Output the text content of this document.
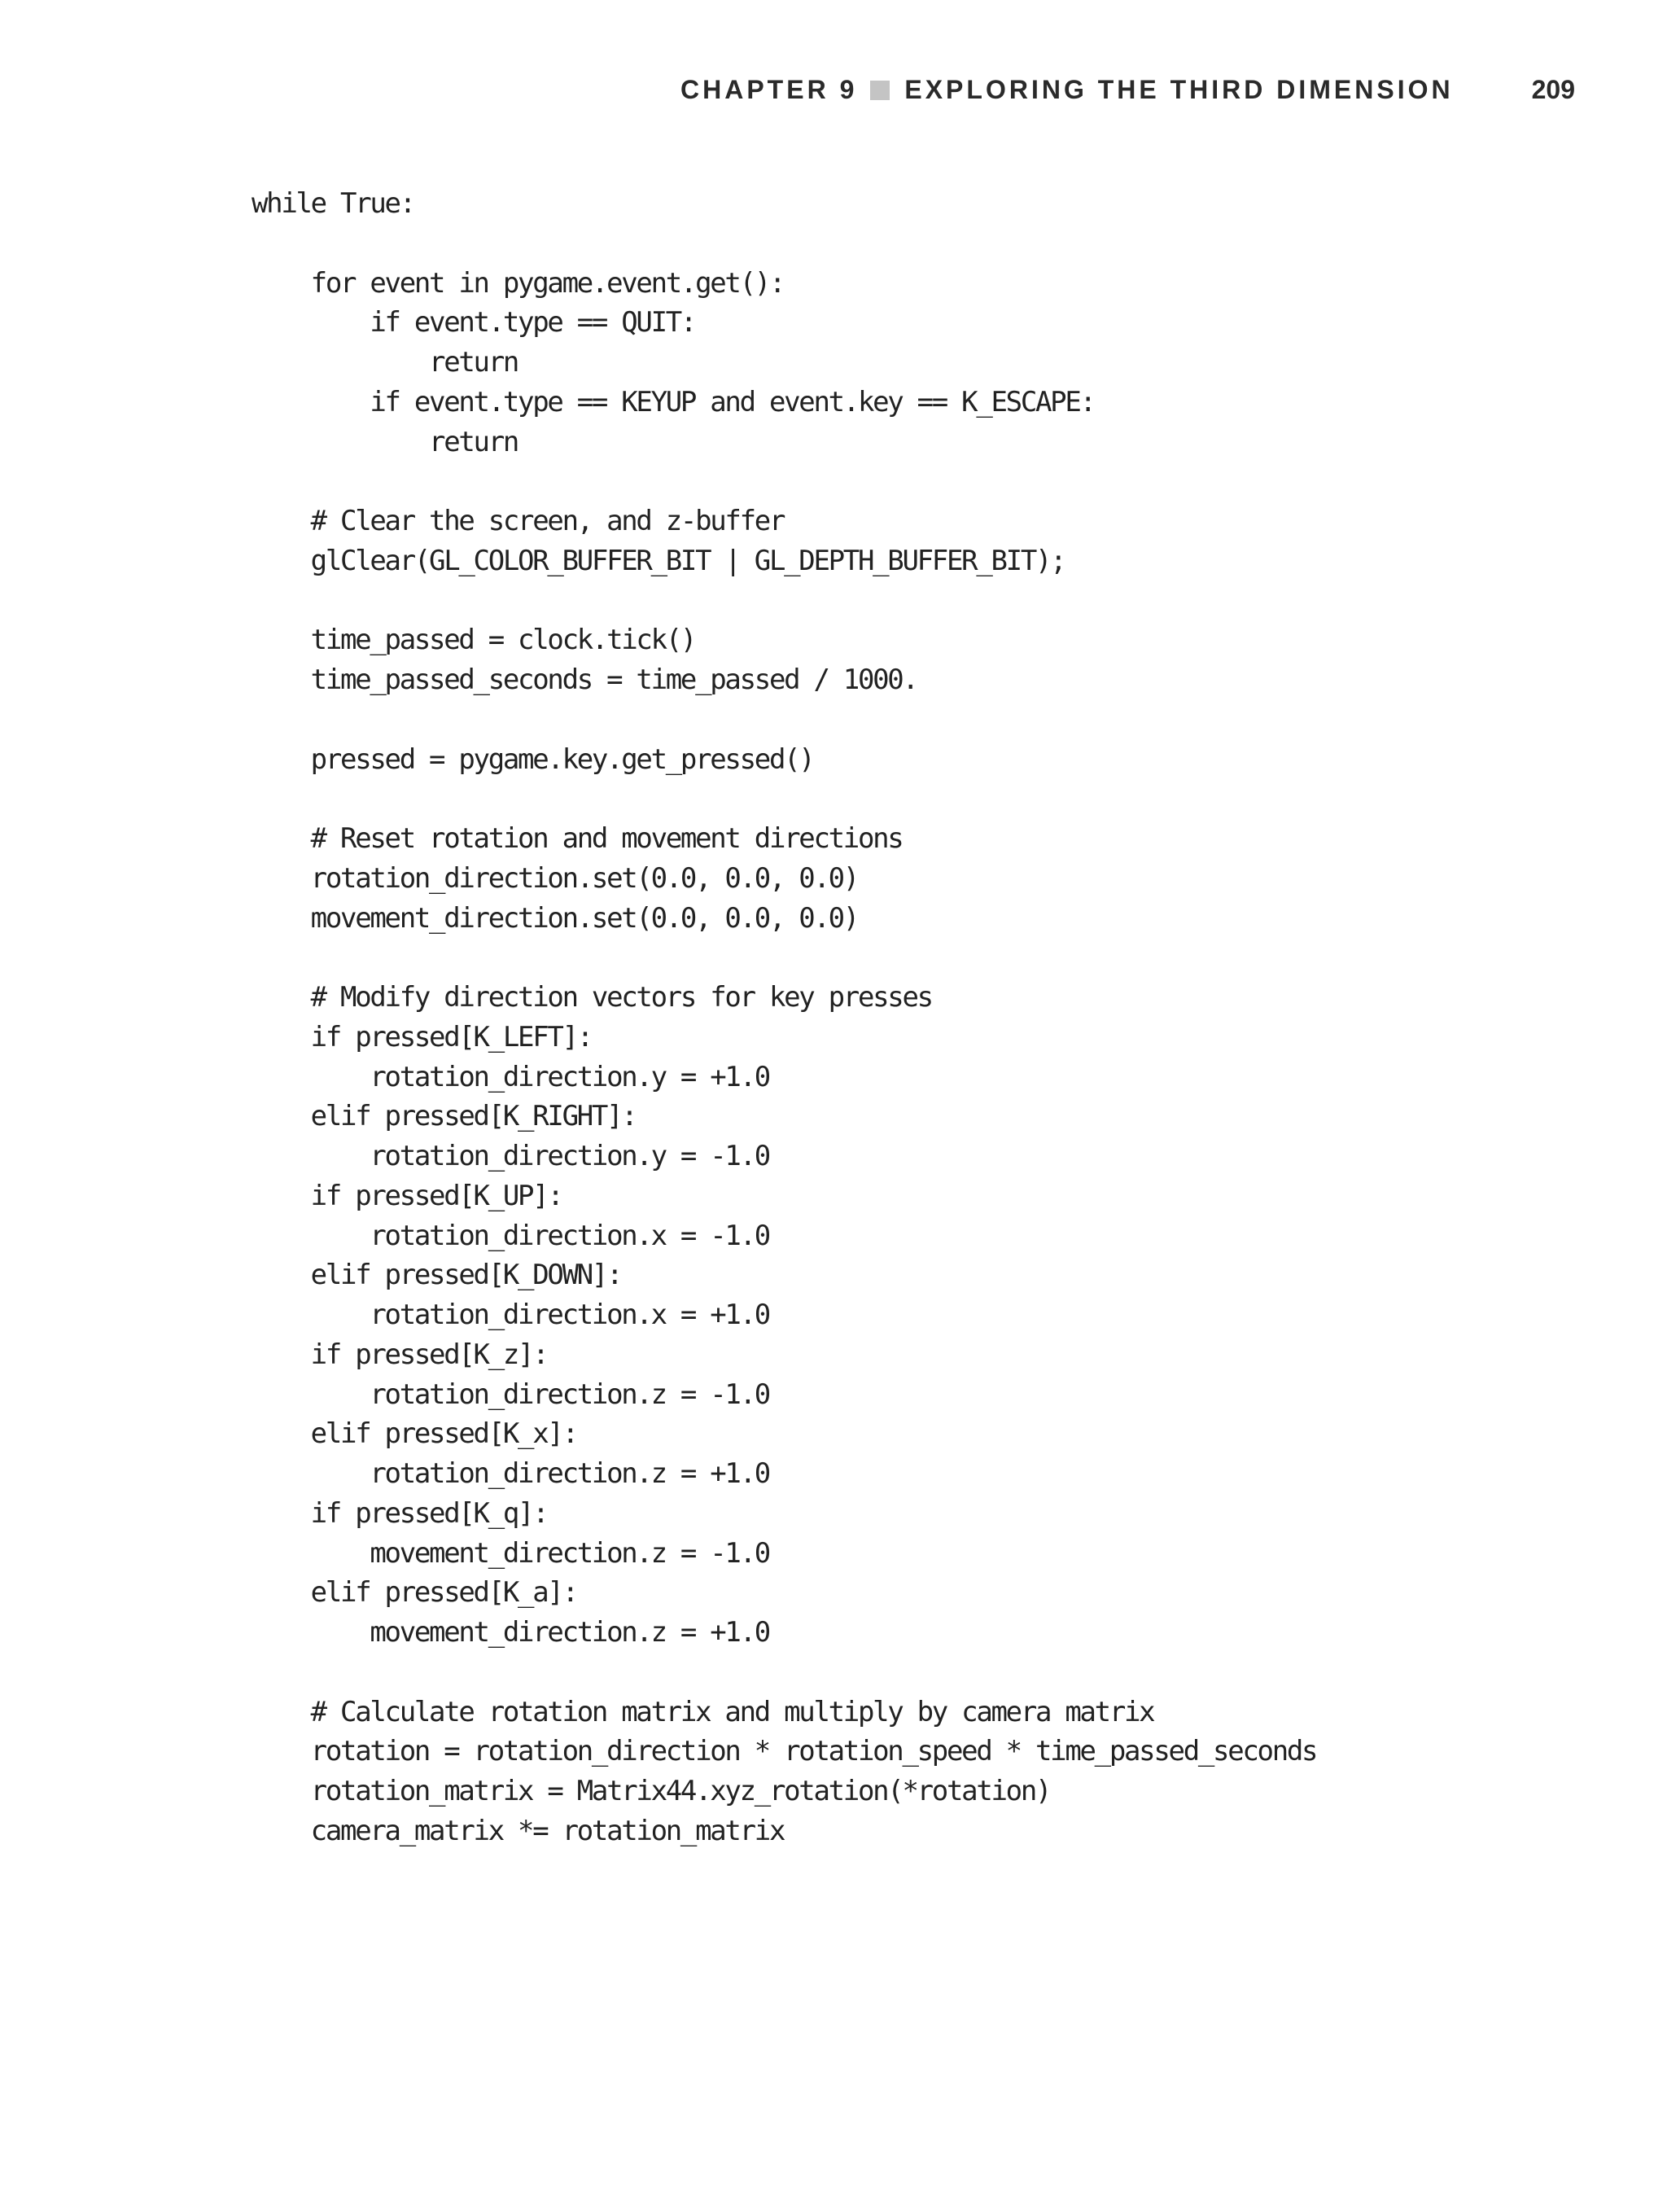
CHAPTER 9 EXPLORING THE THIRD DIMENSION	209
while True:
for event in pygame.event.get():
if event.type == QUIT:
return
if event.type == KEYUP and event.key == K_ESCAPE:
return
# Clear the screen, and z-buffer
glClear(GL_COLOR_BUFFER_BIT | GL_DEPTH_BUFFER_BIT);
time_passed = clock.tick()
time_passed_seconds = time_passed / 1000.
pressed = pygame.key.get_pressed()
# Reset rotation and movement directions
rotation_direction.set(0.0, 0.0, 0.0)
movement_direction.set(0.0, 0.0, 0.0)
# Modify direction vectors for key presses
if pressed[K_LEFT]:
rotation_direction.y = +1.0
elif pressed[K_RIGHT]:
rotation_direction.y = -1.0
if pressed[K_UP]:
rotation_direction.x = -1.0
elif pressed[K_DOWN]:
rotation_direction.x = +1.0
if pressed[K_z]:
rotation_direction.z = -1.0
elif pressed[K_x]:
rotation_direction.z = +1.0
if pressed[K_q]:
movement_direction.z = -1.0
elif pressed[K_a]:
movement_direction.z = +1.0
# Calculate rotation matrix and multiply by camera matrix
rotation = rotation_direction * rotation_speed * time_passed_seconds
rotation_matrix = Matrix44.xyz_rotation(*rotation)
camera_matrix *= rotation_matrix
